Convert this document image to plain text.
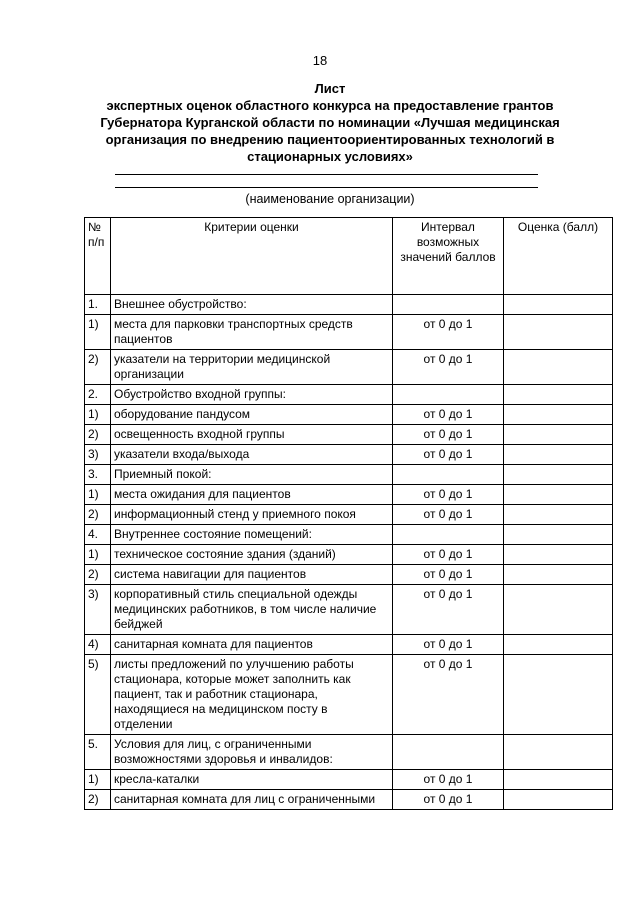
18
Лист
экспертных оценок областного конкурса на предоставление грантов Губернатора Курганской области по номинации «Лучшая медицинская организация по внедрению пациентоориентированных технологий в стационарных условиях»
(наименование организации)
№ п/п	Критерии оценки	Интервал возможных значений баллов	Оценка (балл)
1.	Внешнее обустройство:		
1)	места для парковки транспортных средств пациентов	от 0 до 1	
2)	указатели на территории медицинской организации	от 0 до 1	
2.	Обустройство входной группы:		
1)	оборудование пандусом	от 0 до 1	
2)	освещенность входной группы	от 0 до 1	
3)	указатели входа/выхода	от 0 до 1	
3.	Приемный покой:		
1)	места ожидания для пациентов	от 0 до 1	
2)	информационный стенд у приемного покоя	от 0 до 1	
4.	Внутреннее состояние помещений:		
1)	техническое состояние здания (зданий)	от 0 до 1	
2)	система навигации для пациентов	от 0 до 1	
3)	корпоративный стиль специальной одежды медицинских работников, в том числе наличие бейджей	от 0 до 1	
4)	санитарная комната для пациентов	от 0 до 1	
5)	листы предложений по улучшению работы стационара, которые может заполнить как пациент, так и работник стационара, находящиеся на медицинском посту в отделении	от 0 до 1	
5.	Условия для лиц, с ограниченными возможностями здоровья и инвалидов:		
1)	кресла-каталки	от 0 до 1	
2)	санитарная комната для лиц с ограниченными	от 0 до 1	
